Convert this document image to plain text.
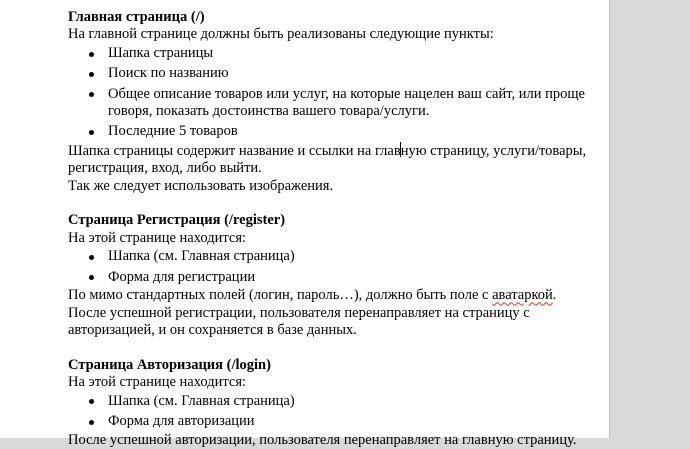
Главная страница (/)
На главной странице должны быть реализованы следующие пункты:
Шапка страницы
Поиск по названию
Общее описание товаров или услуг, на которые нацелен ваш сайт, или проще говоря, показать достоинства вашего товара/услуги.
Последние 5 товаров
Шапка страницы содержит название и ссылки на главную страницу, услуги/товары,
регистрация, вход, либо выйти.
Так же следует использовать изображения.
Страница Регистрация (/register)
На этой странице находится:
Шапка (см. Главная страница)
Форма для регистрации
По мимо стандартных полей (логин, пароль…), должно быть поле с аватаркой.
После успешной регистрации, пользователя перенаправляет на страницу с
авторизацией, и он сохраняется в базе данных.
Страница Авторизация (/login)
На этой странице находится:
Шапка (см. Главная страница)
Форма для авторизации
После успешной авторизации, пользователя перенаправляет на главную страницу.
